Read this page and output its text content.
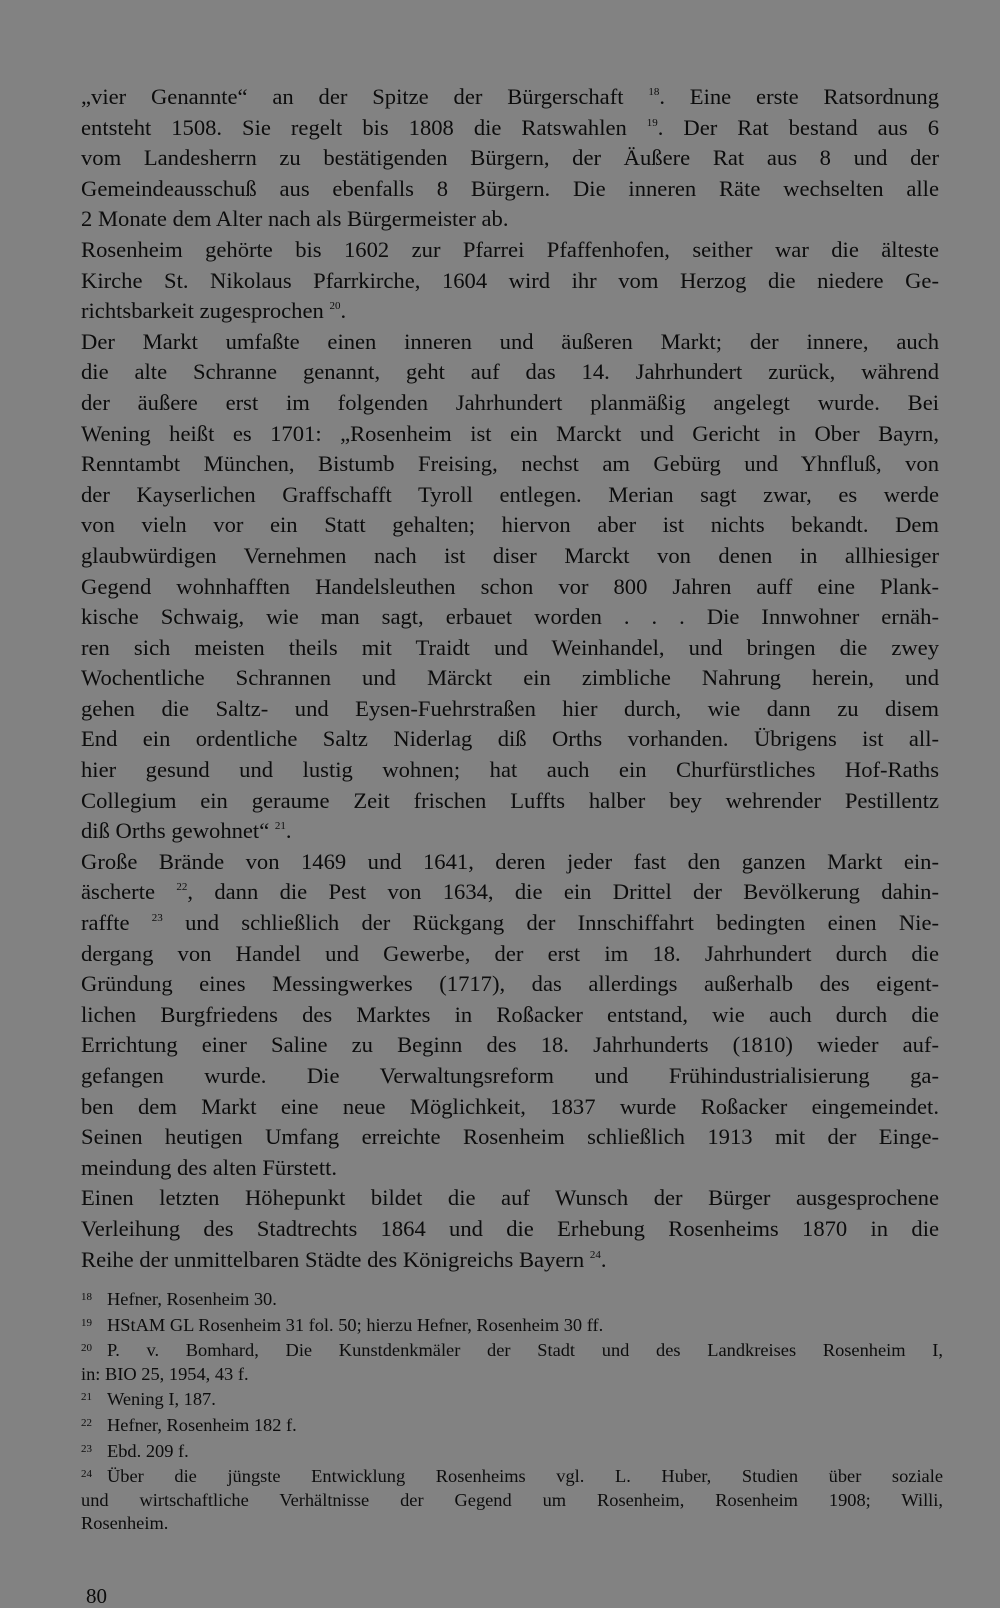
„vier Genannte“ an der Spitze der Bürgerschaft $^{18}$. Eine erste Ratsordnung
entsteht 1508. Sie regelt bis 1808 die Ratswahlen $^{19}$. Der Rat bestand aus 6
vom Landesherrn zu bestätigenden Bürgern, der Äußere Rat aus 8 und der
Gemeindeausschuß aus ebenfalls 8 Bürgern. Die inneren Räte wechselten alle
2 Monate dem Alter nach als Bürgermeister ab.
Rosenheim gehörte bis 1602 zur Pfarrei Pfaffenhofen, seither war die älteste
Kirche St. Nikolaus Pfarrkirche, 1604 wird ihr vom Herzog die niedere Ge-
richtsbarkeit zugesprochen $^{20}$.
Der Markt umfaßte einen inneren und äußeren Markt; der innere, auch
die alte Schranne genannt, geht auf das 14. Jahrhundert zurück, während
der äußere erst im folgenden Jahrhundert planmäßig angelegt wurde. Bei
Wening heißt es 1701: „Rosenheim ist ein Marckt und Gericht in Ober Bayrn,
Renntambt München, Bistumb Freising, nechst am Gebürg und Yhnfluß, von
der Kayserlichen Graffschafft Tyroll entlegen. Merian sagt zwar, es werde
von vieln vor ein Statt gehalten; hiervon aber ist nichts bekandt. Dem
glaubwürdigen Vernehmen nach ist diser Marckt von denen in allhiesiger
Gegend wohnhafften Handelsleuthen schon vor 800 Jahren auff eine Plank-
kische Schwaig, wie man sagt, erbauet worden . . . Die Innwohner ernäh-
ren sich meisten theils mit Traidt und Weinhandel, und bringen die zwey
Wochentliche Schrannen und Märckt ein zimbliche Nahrung herein, und
gehen die Saltz- und Eysen-Fuehrstraßen hier durch, wie dann zu disem
End ein ordentliche Saltz Niderlag diß Orths vorhanden. Übrigens ist all-
hier gesund und lustig wohnen; hat auch ein Churfürstliches Hof-Raths
Collegium ein geraume Zeit frischen Luffts halber bey wehrender Pestillentz
diß Orths gewohnet“ $^{21}$.
Große Brände von 1469 und 1641, deren jeder fast den ganzen Markt ein-
äscherte $^{22}$, dann die Pest von 1634, die ein Drittel der Bevölkerung dahin-
raffte $^{23}$ und schließlich der Rückgang der Innschiffahrt bedingten einen Nie-
dergang von Handel und Gewerbe, der erst im 18. Jahrhundert durch die
Gründung eines Messingwerkes (1717), das allerdings außerhalb des eigent-
lichen Burgfriedens des Marktes in Roßacker entstand, wie auch durch die
Errichtung einer Saline zu Beginn des 18. Jahrhunderts (1810) wieder auf-
gefangen wurde. Die Verwaltungsreform und Frühindustrialisierung ga-
ben dem Markt eine neue Möglichkeit, 1837 wurde Roßacker eingemeindet.
Seinen heutigen Umfang erreichte Rosenheim schließlich 1913 mit der Einge-
meindung des alten Fürstett.
Einen letzten Höhepunkt bildet die auf Wunsch der Bürger ausgesprochene
Verleihung des Stadtrechts 1864 und die Erhebung Rosenheims 1870 in die
Reihe der unmittelbaren Städte des Königreichs Bayern $^{24}$.
18 Hefner, Rosenheim 30.
19 HStAM GL Rosenheim 31 fol. 50; hierzu Hefner, Rosenheim 30 ff.
20 P. v. Bomhard, Die Kunstdenkmäler der Stadt und des Landkreises Rosenheim I,
in: BIO 25, 1954, 43 f.
21 Wening I, 187.
22 Hefner, Rosenheim 182 f.
23 Ebd. 209 f.
24 Über die jüngste Entwicklung Rosenheims vgl. L. Huber, Studien über soziale
und wirtschaftliche Verhältnisse der Gegend um Rosenheim, Rosenheim 1908; Willi,
Rosenheim.
80
